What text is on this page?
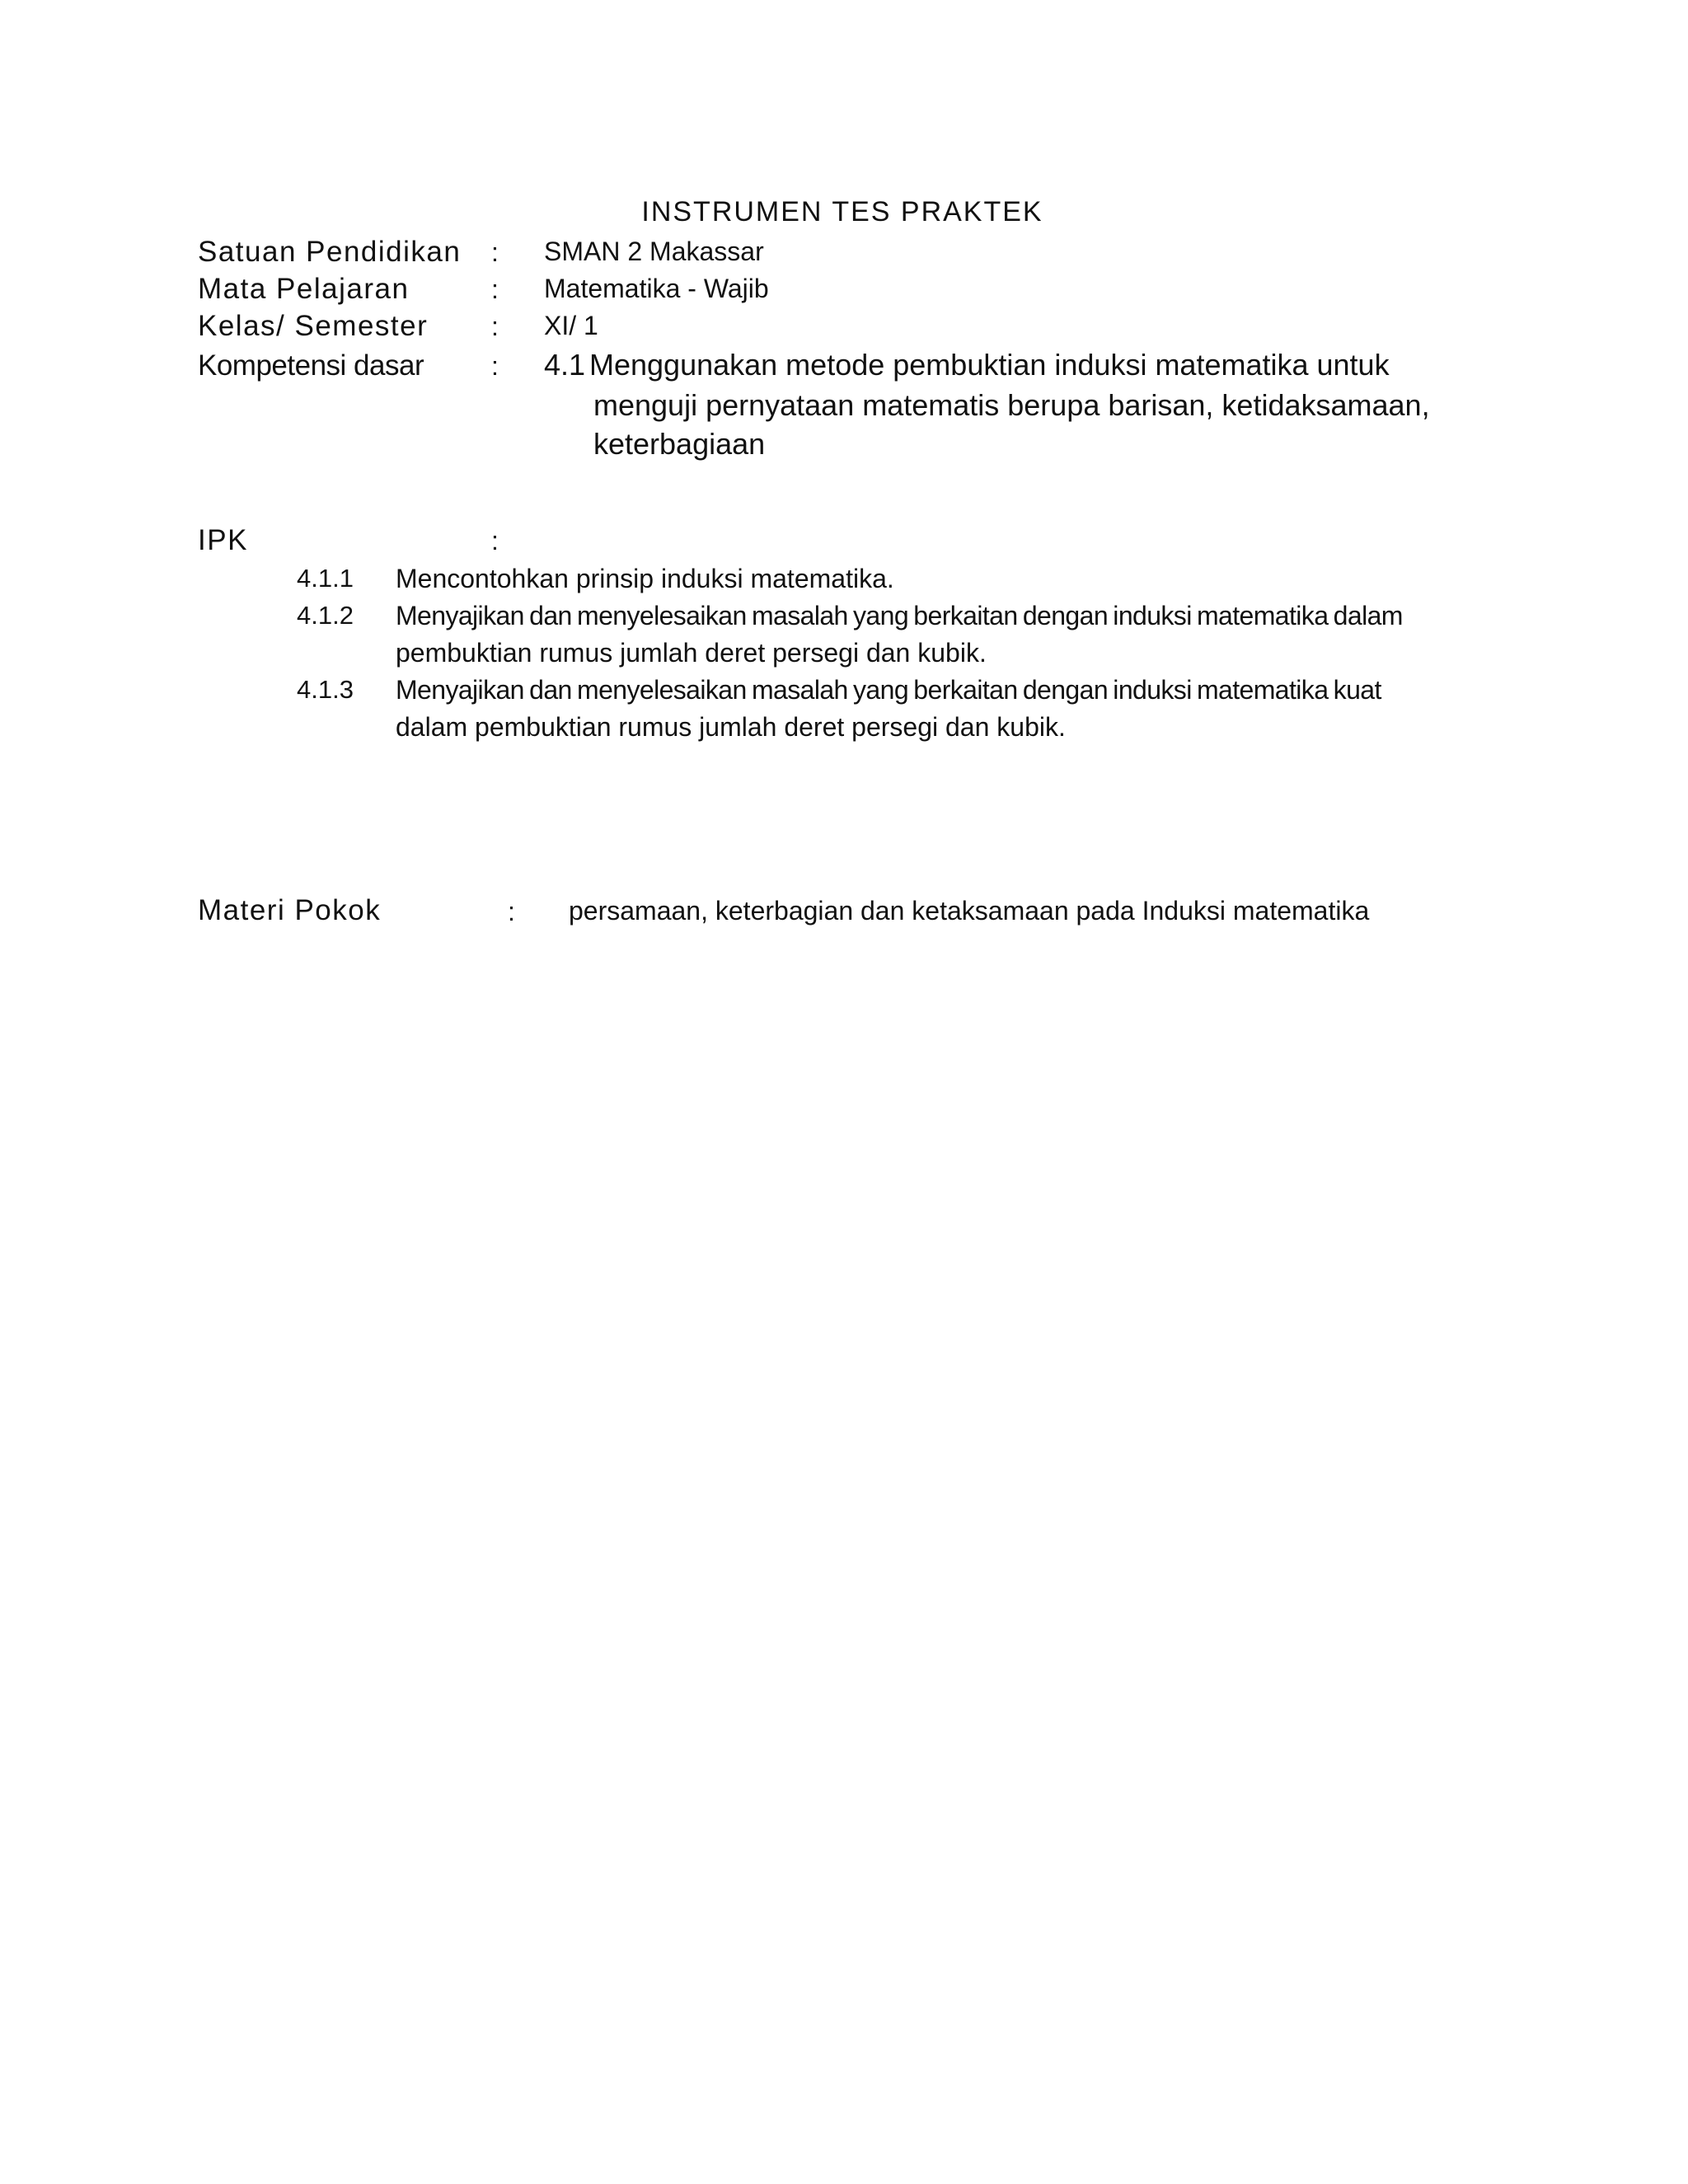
INSTRUMEN TES PRAKTEK
Satuan Pendidikan : SMAN 2 Makassar
Mata Pelajaran	: Matematika - Wajib
Kelas/ Semester : XI/ 1
Kompetensi dasar	: 4.1 Menggunakan metode pembuktian induksi matematika untuk
menguji pernyataan matematis berupa barisan, ketidaksamaan,
keterbagiaan
IPK	:
4.1.1 Mencontohkan prinsip induksi matematika.
4.1.2 Menyajikan dan menyelesaikan masalah yang berkaitan dengan induksi matematika dalam
pembuktian rumus jumlah deret persegi dan kubik.
4.1.3 Menyajikan dan menyelesaikan masalah yang berkaitan dengan induksi matematika kuat
dalam pembuktian rumus jumlah deret persegi dan kubik.
Materi Pokok	: persamaan, keterbagian dan ketaksamaan pada Induksi matematika
